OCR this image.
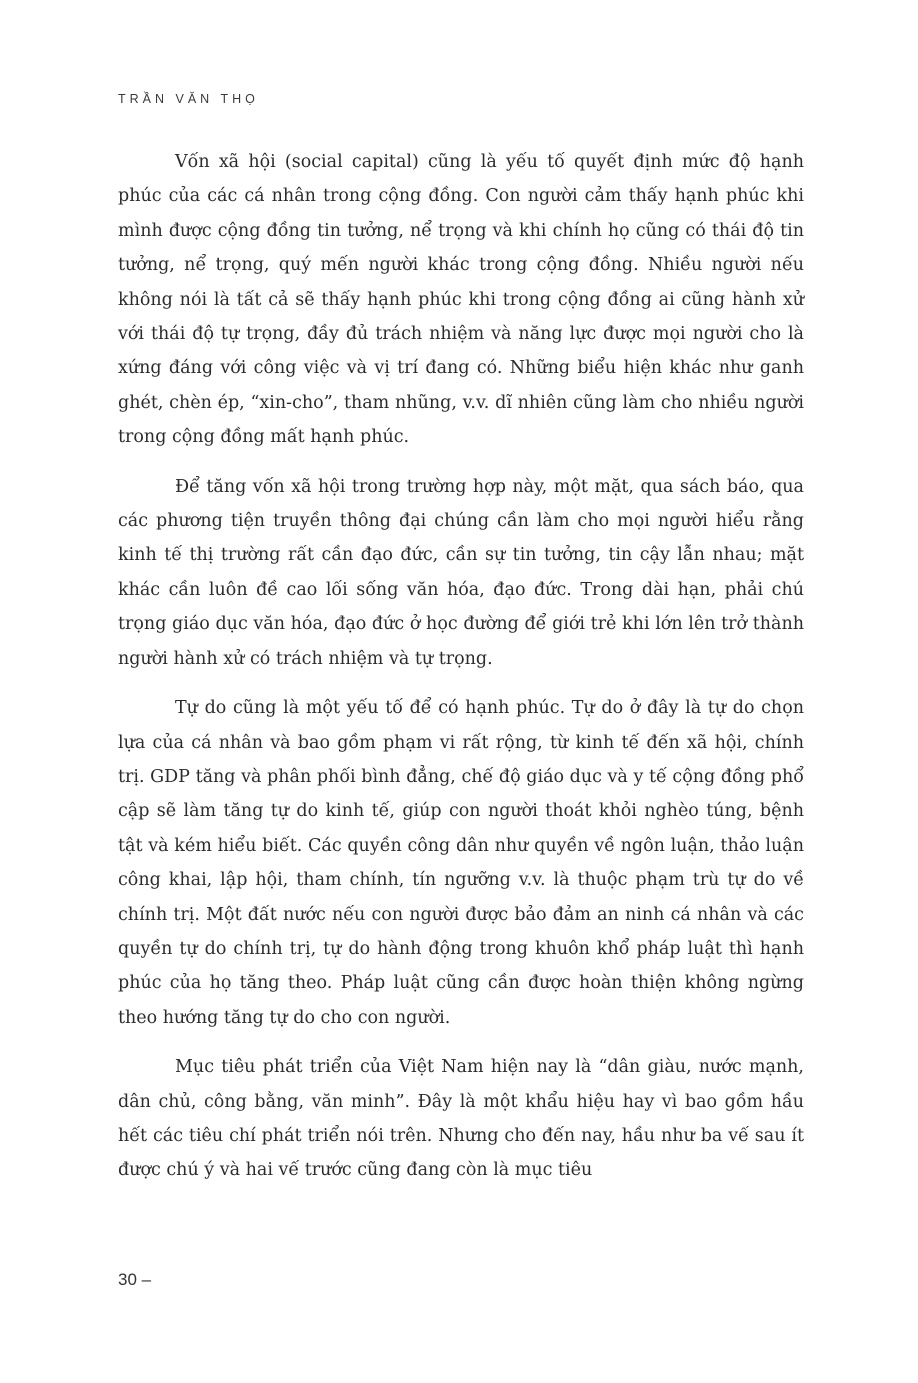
TRẦN VĂN THỌ

Vốn xã hội (social capital) cũng là yếu tố quyết định mức độ hạnh phúc của các cá nhân trong cộng đồng. Con người cảm thấy hạnh phúc khi mình được cộng đồng tin tưởng, nể trọng và khi chính họ cũng có thái độ tin tưởng, nể trọng, quý mến người khác trong cộng đồng. Nhiều người nếu không nói là tất cả sẽ thấy hạnh phúc khi trong cộng đồng ai cũng hành xử với thái độ tự trọng, đầy đủ trách nhiệm và năng lực được mọi người cho là xứng đáng với công việc và vị trí đang có. Những biểu hiện khác như ganh ghét, chèn ép, “xin-cho”, tham nhũng, v.v. dĩ nhiên cũng làm cho nhiều người trong cộng đồng mất hạnh phúc.

Để tăng vốn xã hội trong trường hợp này, một mặt, qua sách báo, qua các phương tiện truyền thông đại chúng cần làm cho mọi người hiểu rằng kinh tế thị trường rất cần đạo đức, cần sự tin tưởng, tin cậy lẫn nhau; mặt khác cần luôn đề cao lối sống văn hóa, đạo đức. Trong dài hạn, phải chú trọng giáo dục văn hóa, đạo đức ở học đường để giới trẻ khi lớn lên trở thành người hành xử có trách nhiệm và tự trọng.

Tự do cũng là một yếu tố để có hạnh phúc. Tự do ở đây là tự do chọn lựa của cá nhân và bao gồm phạm vi rất rộng, từ kinh tế đến xã hội, chính trị. GDP tăng và phân phối bình đẳng, chế độ giáo dục và y tế cộng đồng phổ cập sẽ làm tăng tự do kinh tế, giúp con người thoát khỏi nghèo túng, bệnh tật và kém hiểu biết. Các quyền công dân như quyền về ngôn luận, thảo luận công khai, lập hội, tham chính, tín ngưỡng v.v. là thuộc phạm trù tự do về chính trị. Một đất nước nếu con người được bảo đảm an ninh cá nhân và các quyền tự do chính trị, tự do hành động trong khuôn khổ pháp luật thì hạnh phúc của họ tăng theo. Pháp luật cũng cần được hoàn thiện không ngừng theo hướng tăng tự do cho con người.

Mục tiêu phát triển của Việt Nam hiện nay là “dân giàu, nước mạnh, dân chủ, công bằng, văn minh”. Đây là một khẩu hiệu hay vì bao gồm hầu hết các tiêu chí phát triển nói trên. Nhưng cho đến nay, hầu như ba vế sau ít được chú ý và hai vế trước cũng đang còn là mục tiêu

30 –
